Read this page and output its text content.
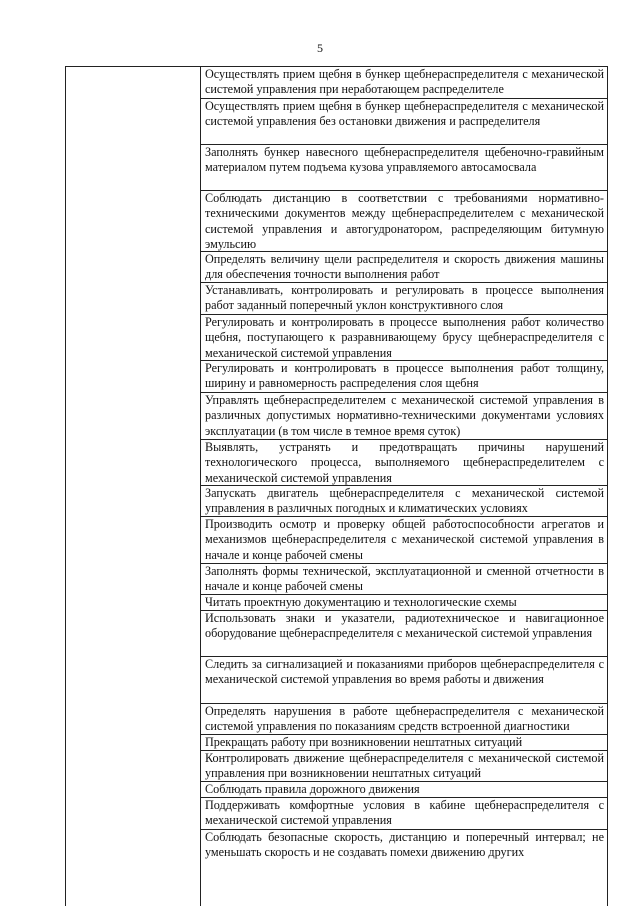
5
Осуществлять прием щебня в бункер щебнераспределителя с механической системой управления при неработающем распределителе
Осуществлять прием щебня в бункер щебнераспределителя с механической системой управления без остановки движения и распределителя
Заполнять бункер навесного щебнераспределителя щебеночно-гравийным материалом путем подъема кузова управляемого автосамосвала
Соблюдать дистанцию в соответствии с требованиями нормативно-техническими документов между щебнераспределителем с механической системой управления и автогудронатором, распределяющим битумную эмульсию
Определять величину щели распределителя и скорость движения машины для обеспечения точности выполнения работ
Устанавливать, контролировать и регулировать в процессе выполнения работ заданный поперечный уклон конструктивного слоя
Регулировать и контролировать в процессе выполнения работ количество щебня, поступающего к разравнивающему брусу щебнераспределителя с механической системой управления
Регулировать и контролировать в процессе выполнения работ толщину, ширину и равномерность распределения слоя щебня
Управлять щебнераспределителем с механической системой управления в различных допустимых нормативно-техническими документами условиях эксплуатации (в том числе в темное время суток)
Выявлять, устранять и предотвращать причины нарушений технологического процесса, выполняемого щебнераспределителем с механической системой управления
Запускать двигатель щебнераспределителя с механической системой управления в различных погодных и климатических условиях
Производить осмотр и проверку общей работоспособности агрегатов и механизмов щебнераспределителя с механической системой управления в начале и конце рабочей смены
Заполнять формы технической, эксплуатационной и сменной отчетности в начале и конце рабочей смены
Читать проектную документацию и технологические схемы
Использовать знаки и указатели, радиотехническое и навигационное оборудование щебнераспределителя с механической системой управления
Следить за сигнализацией и показаниями приборов щебнераспределителя с механической системой управления во время работы и движения
Определять нарушения в работе щебнераспределителя с механической системой управления по показаниям средств встроенной диагностики
Прекращать работу при возникновении нештатных ситуаций
Контролировать движение щебнераспределителя с механической системой управления при возникновении нештатных ситуаций
Соблюдать правила дорожного движения
Поддерживать комфортные условия в кабине щебнераспределителя с механической системой управления
Соблюдать безопасные скорость, дистанцию и поперечный интервал; не уменьшать скорость и не создавать помехи движению других
